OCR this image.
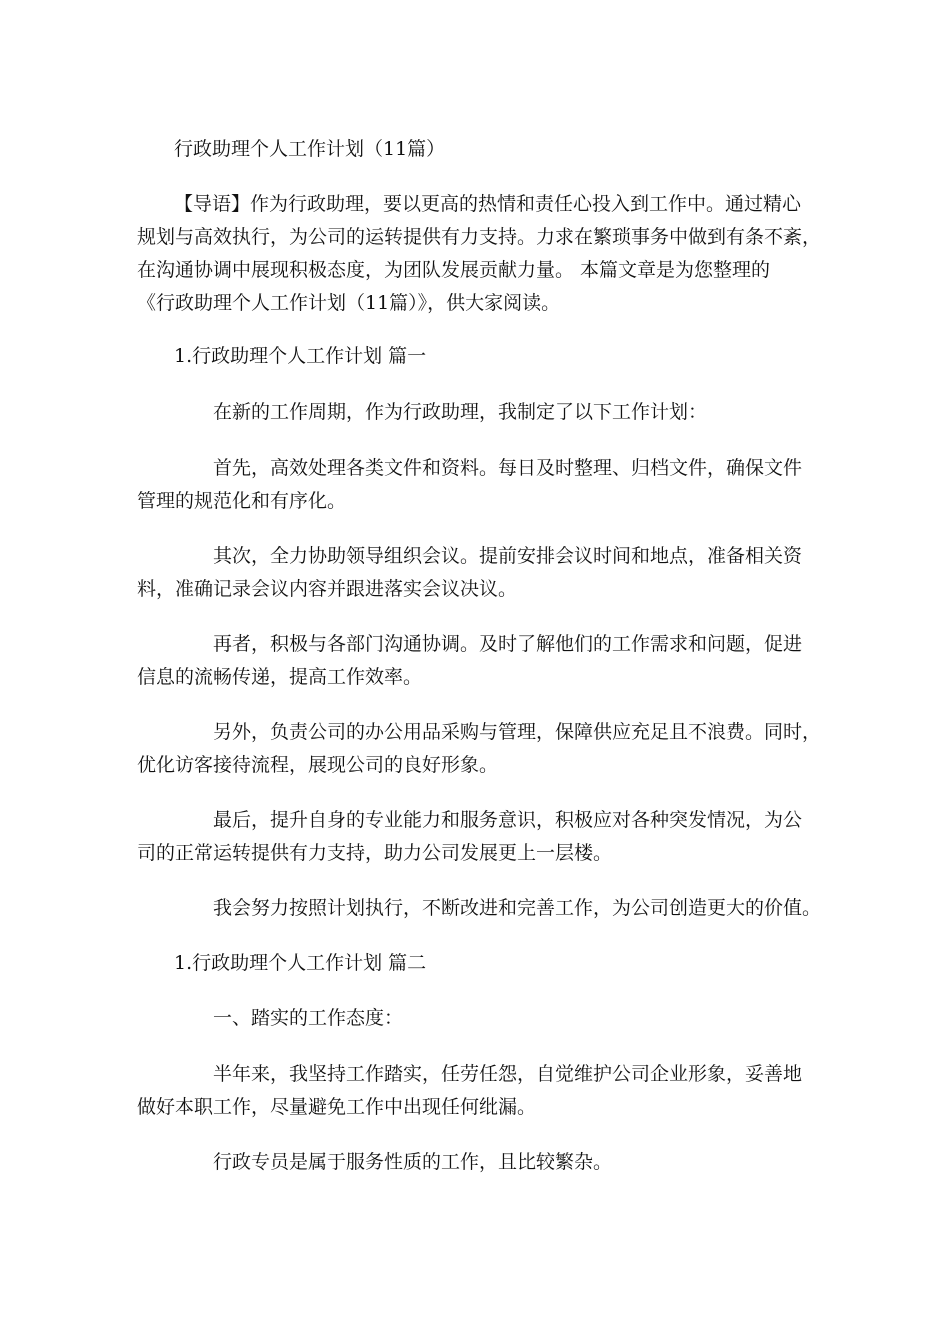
行政助理个人工作计划（11篇）
【导语】作为行政助理，要以更高的热情和责任心投入到工作中。通过精心
规划与高效执行，为公司的运转提供有力支持。力求在繁琐事务中做到有条不紊，
在沟通协调中展现积极态度，为团队发展贡献力量。 本篇文章是为您整理的
《行政助理个人工作计划（11篇）》，供大家阅读。
1.行政助理个人工作计划 篇一
在新的工作周期，作为行政助理，我制定了以下工作计划：
首先，高效处理各类文件和资料。每日及时整理、归档文件，确保文件
管理的规范化和有序化。
其次，全力协助领导组织会议。提前安排会议时间和地点，准备相关资
料，准确记录会议内容并跟进落实会议决议。
再者，积极与各部门沟通协调。及时了解他们的工作需求和问题，促进
信息的流畅传递，提高工作效率。
另外，负责公司的办公用品采购与管理，保障供应充足且不浪费。同时，
优化访客接待流程，展现公司的良好形象。
最后，提升自身的专业能力和服务意识，积极应对各种突发情况，为公
司的正常运转提供有力支持，助力公司发展更上一层楼。
我会努力按照计划执行，不断改进和完善工作，为公司创造更大的价值。
1.行政助理个人工作计划 篇二
一、踏实的工作态度：
半年来，我坚持工作踏实，任劳任怨，自觉维护公司企业形象，妥善地
做好本职工作，尽量避免工作中出现任何纰漏。
行政专员是属于服务性质的工作，且比较繁杂。
